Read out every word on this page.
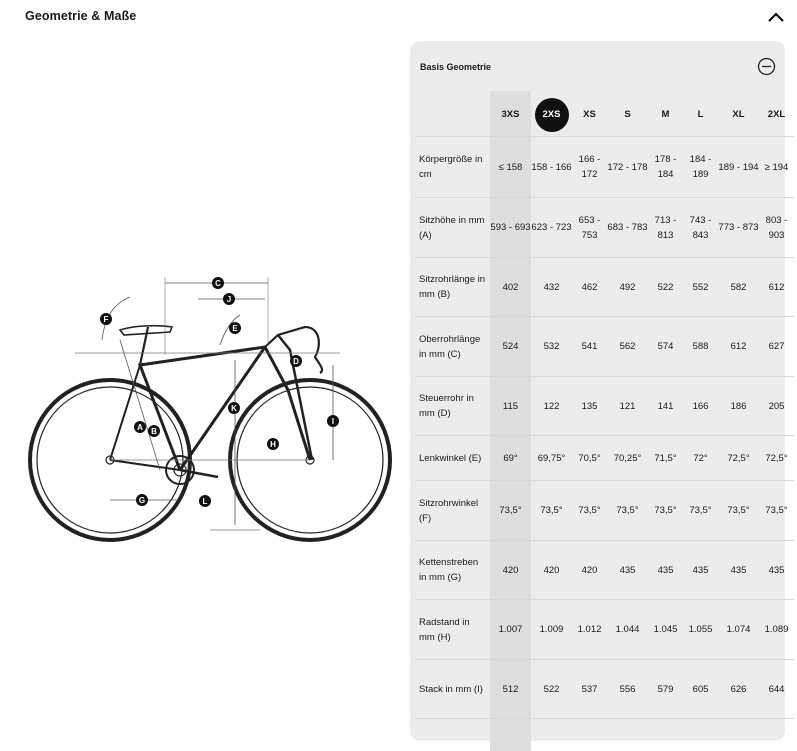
Geometrie & Maße
A B
C
D
E
F
G
H
I
J
K
L
Basis Geometrie
	3XS	2XS	XS	S	M	L	XL	2XL
Körpergröße in cm	≤ 158	158 - 166	166 - 172	172 - 178	178 - 184	184 - 189	189 - 194	≥ 194
Sitzhöhe in mm (A)	593 - 693	623 - 723	653 - 753	683 - 783	713 - 813	743 - 843	773 - 873	803 - 903
Sitzrohrlänge in mm (B)	402	432	462	492	522	552	582	612
Oberrohrlänge in mm (C)	524	532	541	562	574	588	612	627
Steuerrohr in mm (D)	115	122	135	121	141	166	186	205
Lenkwinkel (E)	69°	69,75°	70,5°	70,25°	71,5°	72°	72,5°	72,5°
Sitzrohrwinkel (F)	73,5°	73,5°	73,5°	73,5°	73,5°	73,5°	73,5°	73,5°
Kettenstreben in mm (G)	420	420	420	435	435	435	435	435
Radstand in mm (H)	1.007	1.009	1.012	1.044	1.045	1.055	1.074	1.089
Stack in mm (I)	512	522	537	556	579	605	626	644
